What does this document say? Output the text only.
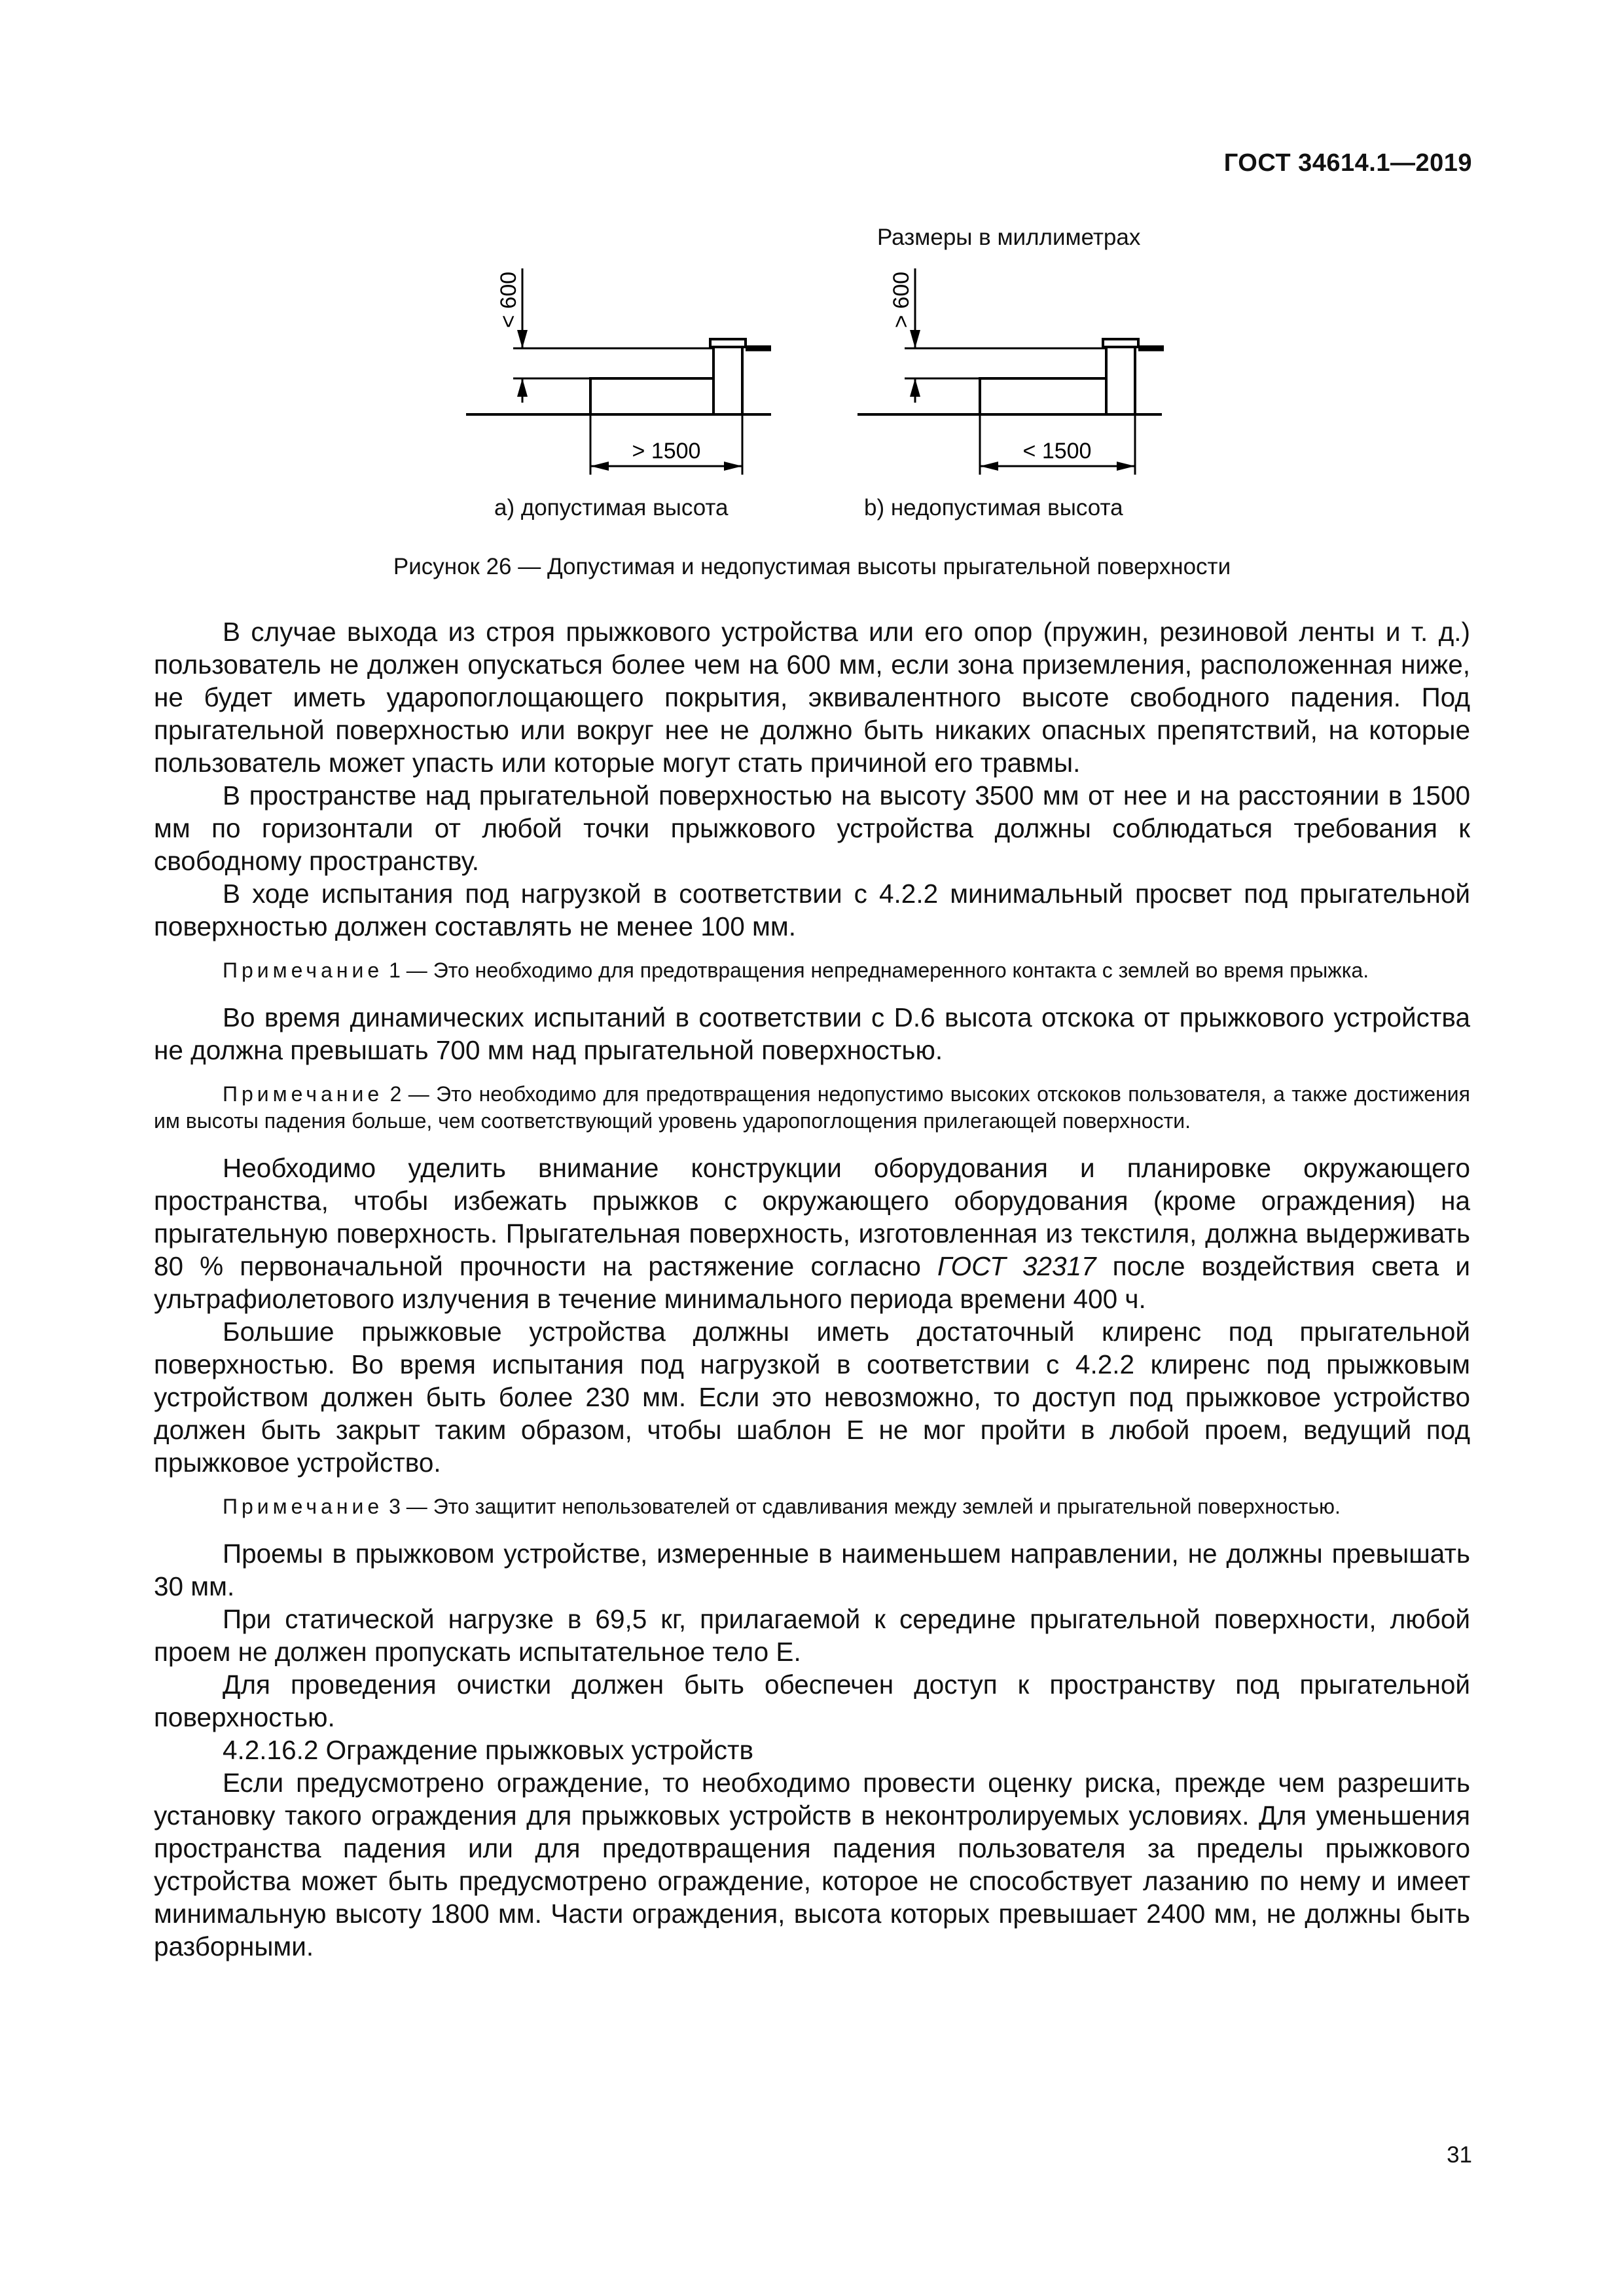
ГОСТ 34614.1—2019
Размеры в миллиметрах
< 600
> 1500
> 600
< 1500
a) допустимая высота	b) недопустимая высота
Рисунок 26 — Допустимая и недопустимая высоты прыгательной поверхности

В случае выхода из строя прыжкового устройства или его опор (пружин, резиновой ленты и т. д.) пользователь не должен опускаться более чем на 600 мм, если зона приземления, расположенная ниже, не будет иметь ударопоглощающего покрытия, эквивалентного высоте свободного падения. Под прыгательной поверхностью или вокруг нее не должно быть никаких опасных препятствий, на которые пользователь может упасть или которые могут стать причиной его травмы.

В пространстве над прыгательной поверхностью на высоту 3500 мм от нее и на расстоянии в 1500 мм по горизонтали от любой точки прыжкового устройства должны соблюдаться требования к свободному пространству.

В ходе испытания под нагрузкой в соответствии с 4.2.2 минимальный просвет под прыгательной поверхностью должен составлять не менее 100 мм.

Примечание 1 — Это необходимо для предотвращения непреднамеренного контакта с землей во время прыжка.

Во время динамических испытаний в соответствии с D.6 высота отскока от прыжкового устройства не должна превышать 700 мм над прыгательной поверхностью.

Примечание 2 — Это необходимо для предотвращения недопустимо высоких отскоков пользователя, а также достижения им высоты падения больше, чем соответствующий уровень ударопоглощения прилегающей поверхности.

Необходимо уделить внимание конструкции оборудования и планировке окружающего пространства, чтобы избежать прыжков с окружающего оборудования (кроме ограждения) на прыгательную поверхность. Прыгательная поверхность, изготовленная из текстиля, должна выдерживать 80 % первоначальной прочности на растяжение согласно ГОСТ 32317 после воздействия света и ультрафиолетового излучения в течение минимального периода времени 400 ч.

Большие прыжковые устройства должны иметь достаточный клиренс под прыгательной поверхностью. Во время испытания под нагрузкой в соответствии с 4.2.2 клиренс под прыжковым устройством должен быть более 230 мм. Если это невозможно, то доступ под прыжковое устройство должен быть закрыт таким образом, чтобы шаблон Е не мог пройти в любой проем, ведущий под прыжковое устройство.

Примечание 3 — Это защитит непользователей от сдавливания между землей и прыгательной поверхностью.

Проемы в прыжковом устройстве, измеренные в наименьшем направлении, не должны превышать 30 мм.

При статической нагрузке в 69,5 кг, прилагаемой к середине прыгательной поверхности, любой проем не должен пропускать испытательное тело Е.

Для проведения очистки должен быть обеспечен доступ к пространству под прыгательной поверхностью.

4.2.16.2 Ограждение прыжковых устройств

Если предусмотрено ограждение, то необходимо провести оценку риска, прежде чем разрешить установку такого ограждения для прыжковых устройств в неконтролируемых условиях. Для уменьшения пространства падения или для предотвращения падения пользователя за пределы прыжкового устройства может быть предусмотрено ограждение, которое не способствует лазанию по нему и имеет минимальную высоту 1800 мм. Части ограждения, высота которых превышает 2400 мм, не должны быть разборными.

31
